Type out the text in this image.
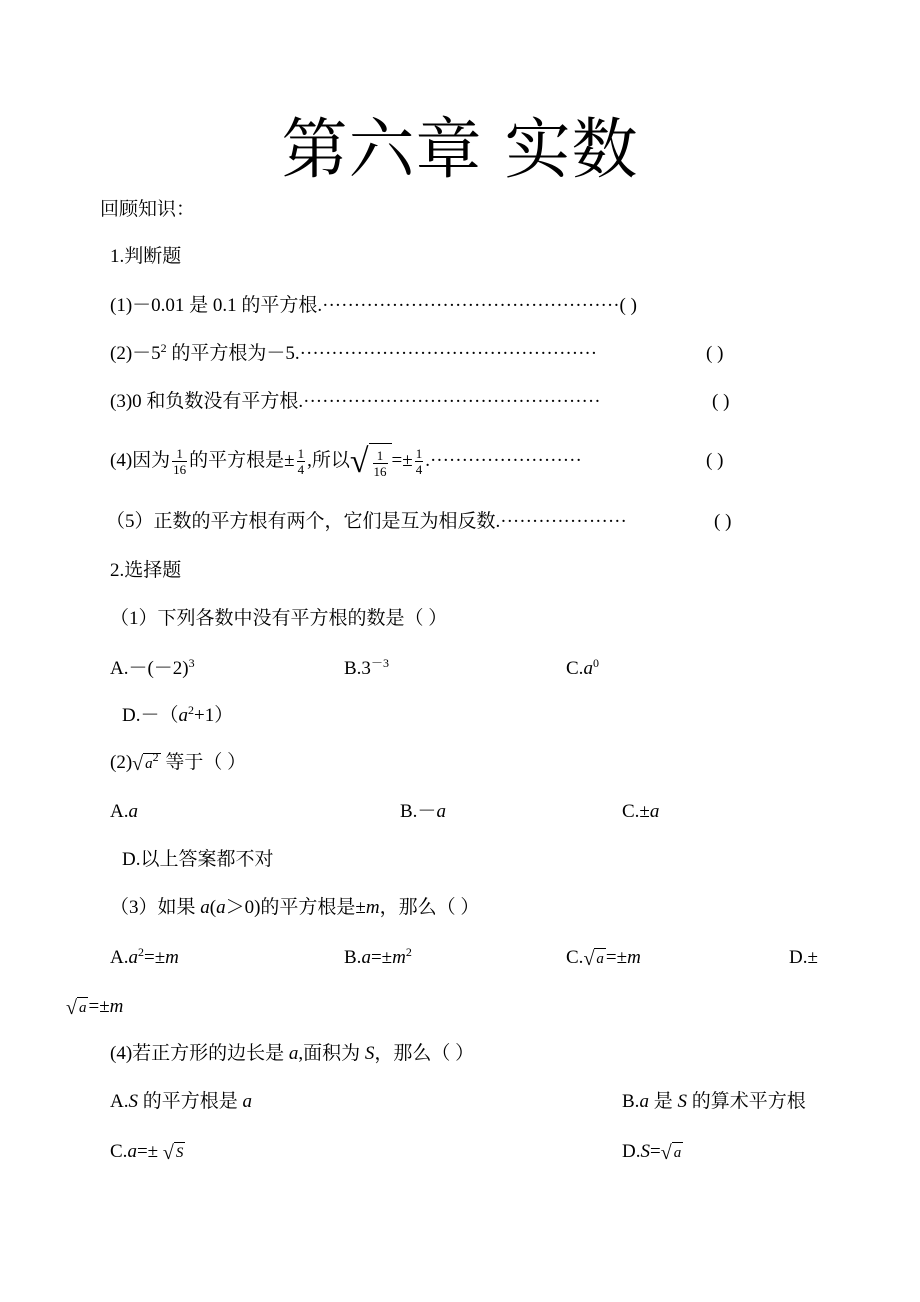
第六章 实数
回顾知识：
1.判断题
(1)－0.01 是 0.1 的平方根.···············································( )
$(2)-5^2$ 的平方根为－5.···············································	( )
(3)0 和负数没有平方根.···············································	( )
(4)因为 $\frac{1}{16}$ 的平方根是± $\frac{1}{4}$ ,所以 √ $\frac{1}{16} =\pm \frac{1}{4}$ .························	( )
（5）正数的平方根有两个，它们是互为相反数.····················	( )
2.选择题
（1）下列各数中没有平方根的数是（ ）
$A.-(-2)^3$	$B.3^{-3}$	$C.a^0$
$D.-(a^2+1)$
(2) √ $a^2$ 等于（ ）
A.a	B.－a	C.±a
D.以上答案都不对
（3）如果 a(a＞0)的平方根是±m，那么（ ）
$A.a^2=\pm m$	$B.a=\pm m^2$	C. √ a =±m	D.±
√ a =±m
(4)若正方形的边长是 a,面积为 S，那么（ ）
A.S 的平方根是 a	B.a 是 S 的算术平方根
C.a=± √ S	D.S= √ a
